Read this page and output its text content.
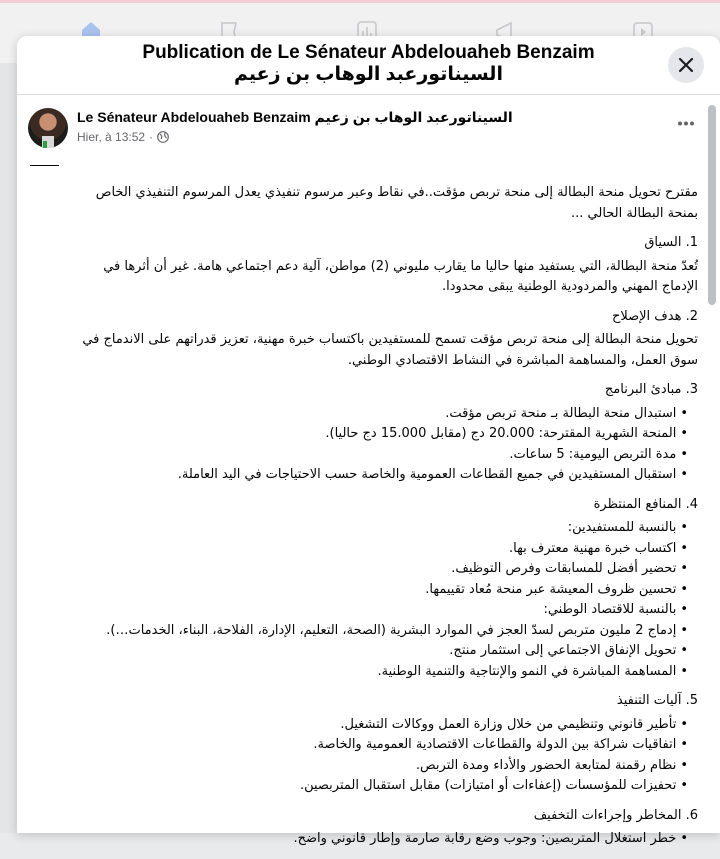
Publication de Le Sénateur Abdelouaheb Benzaim
السيناتورعبد الوهاب بن زعيم
Le Sénateur Abdelouaheb Benzaim السيناتورعبد الوهاب بن زعيم
Hier, à 13:52 ·

مقترح تحويل منحة البطالة إلى منحة تربص مؤقت..في نقاط وعبر مرسوم تنفيذي يعدل المرسوم التنفيذي الخاص بمنحة البطالة الحالي ...

1. السياق

تُعدّ منحة البطالة، التي يستفيد منها حاليا ما يقارب مليوني (2) مواطن، آلية دعم اجتماعي هامة. غير أن أثرها في الإدماج المهني والمردودية الوطنية يبقى محدودا.

2. هدف الإصلاح

تحويل منحة البطالة إلى منحة تربص مؤقت تسمح للمستفيدين باكتساب خبرة مهنية، تعزيز قدراتهم على الاندماج في سوق العمل، والمساهمة المباشرة في النشاط الاقتصادي الوطني.

3. مبادئ البرنامج

•استبدال منحة البطالة بـ منحة تربص مؤقت.
•المنحة الشهرية المقترحة: 20.000 دج (مقابل 15.000 دج حاليا).
•مدة التربص اليومية: 5 ساعات.
•استقبال المستفيدين في جميع القطاعات العمومية والخاصة حسب الاحتياجات في اليد العاملة.

4. المنافع المنتظرة

•بالنسبة للمستفيدين:
•اكتساب خبرة مهنية معترف بها.
•تحضير أفضل للمسابقات وفرص التوظيف.
•تحسين ظروف المعيشة عبر منحة مُعاد تقييمها.
•بالنسبة للاقتصاد الوطني:
•إدماج 2 مليون متربص لسدّ العجز في الموارد البشرية (الصحة، التعليم، الإدارة، الفلاحة، البناء، الخدمات…).
•تحويل الإنفاق الاجتماعي إلى استثمار منتج.
•المساهمة المباشرة في النمو والإنتاجية والتنمية الوطنية.

5. آليات التنفيذ

•تأطير قانوني وتنظيمي من خلال وزارة العمل ووكالات التشغيل.
•اتفاقيات شراكة بين الدولة والقطاعات الاقتصادية العمومية والخاصة.
•نظام رقمنة لمتابعة الحضور والأداء ومدة التربص.
•تحفيزات للمؤسسات (إعفاءات أو امتيازات) مقابل استقبال المتربصين.

6. المخاطر وإجراءات التخفيف

•خطر استغلال المتربصين: وجوب وضع رقابة صارمة وإطار قانوني واضح.
